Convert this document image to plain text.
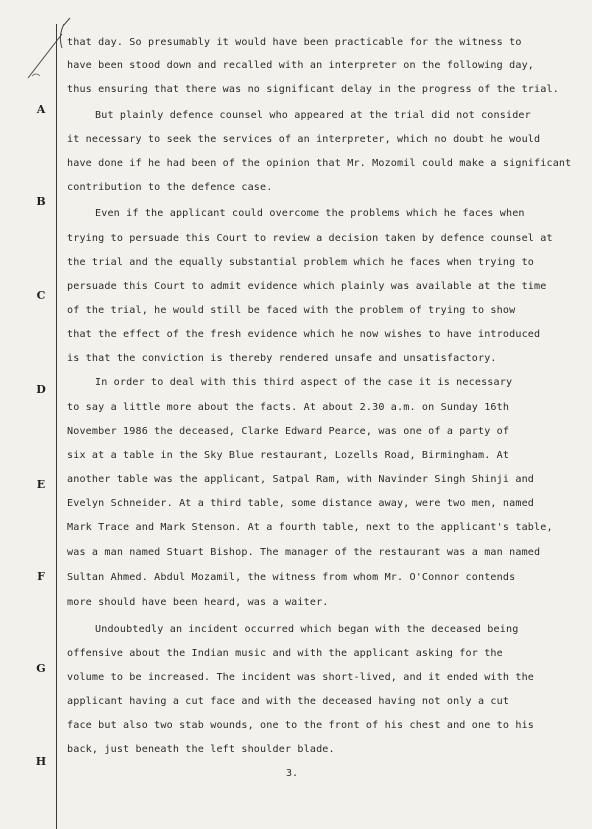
A
B
C
D
E
F
G
H
that day. So presumably it would have been practicable for the witness to
have been stood down and recalled with an interpreter on the following day,
thus ensuring that there was no significant delay in the progress of the trial.
But plainly defence counsel who appeared at the trial did not consider
it necessary to seek the services of an interpreter, which no doubt he would
have done if he had been of the opinion that Mr. Mozomil could make a significant
contribution to the defence case.
Even if the applicant could overcome the problems which he faces when
trying to persuade this Court to review a decision taken by defence counsel at
the trial and the equally substantial problem which he faces when trying to
persuade this Court to admit evidence which plainly was available at the time
of the trial, he would still be faced with the problem of trying to show
that the effect of the fresh evidence which he now wishes to have introduced
is that the conviction is thereby rendered unsafe and unsatisfactory.
In order to deal with this third aspect of the case it is necessary
to say a little more about the facts. At about 2.30 a.m. on Sunday 16th
November 1986 the deceased, Clarke Edward Pearce, was one of a party of
six at a table in the Sky Blue restaurant, Lozells Road, Birmingham. At
another table was the applicant, Satpal Ram, with Navinder Singh Shinji and
Evelyn Schneider. At a third table, some distance away, were two men, named
Mark Trace and Mark Stenson. At a fourth table, next to the applicant's table,
was a man named Stuart Bishop. The manager of the restaurant was a man named
Sultan Ahmed. Abdul Mozamil, the witness from whom Mr. O'Connor contends
more should have been heard, was a waiter.
Undoubtedly an incident occurred which began with the deceased being
offensive about the Indian music and with the applicant asking for the
volume to be increased. The incident was short-lived, and it ended with the
applicant having a cut face and with the deceased having not only a cut
face but also two stab wounds, one to the front of his chest and one to his
back, just beneath the left shoulder blade.
3.
